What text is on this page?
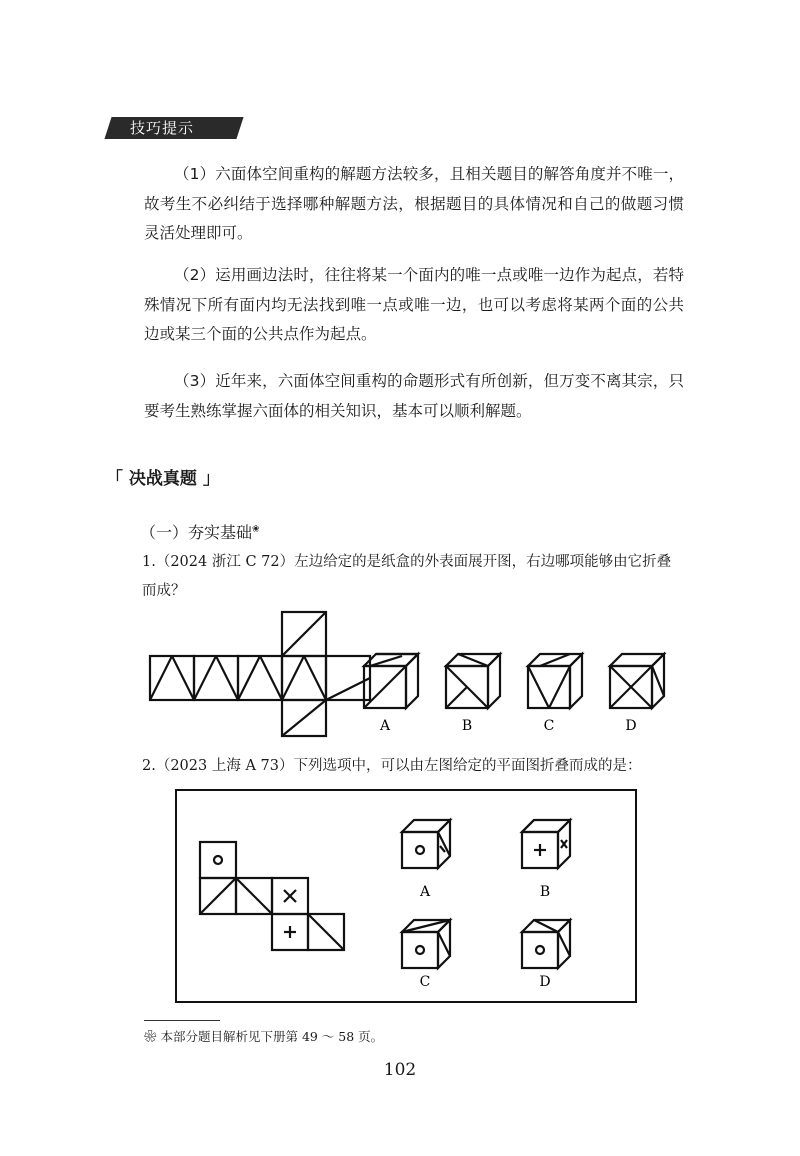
技巧提示
（1）六面体空间重构的解题方法较多，且相关题目的解答角度并不唯一，故考生不必纠结于选择哪种解题方法，根据题目的具体情况和自己的做题习惯灵活处理即可。
（2）运用画边法时，往往将某一个面内的唯一点或唯一边作为起点，若特殊情况下所有面内均无法找到唯一点或唯一边，也可以考虑将某两个面的公共边或某三个面的公共点作为起点。
（3）近年来，六面体空间重构的命题形式有所创新，但万变不离其宗，只要考生熟练掌握六面体的相关知识，基本可以顺利解题。
「 决战真题 」
（一）夯实基础❀
1.（2024 浙江 C 72）左边给定的是纸盒的外表面展开图，右边哪项能够由它折叠而成？
A	B	C	D
2.（2023 上海 A 73）下列选项中，可以由左图给定的平面图折叠而成的是：
A	B
C	D
❀ 本部分题目解析见下册第 49 ～ 58 页。
102
